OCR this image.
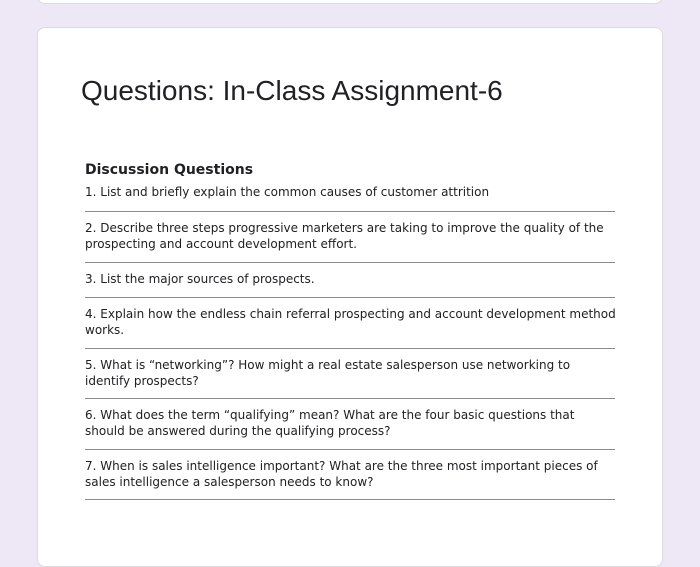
Questions: In-Class Assignment-6

Discussion Questions

1. List and briefly explain the common causes of customer attrition

2. Describe three steps progressive marketers are taking to improve the quality of the prospecting and account development effort.

3. List the major sources of prospects.

4. Explain how the endless chain referral prospecting and account development method works.

5. What is “networking”? How might a real estate salesperson use networking to identify prospects?

6. What does the term “qualifying” mean? What are the four basic questions that should be answered during the qualifying process?

7. When is sales intelligence important? What are the three most important pieces of sales intelligence a salesperson needs to know?
